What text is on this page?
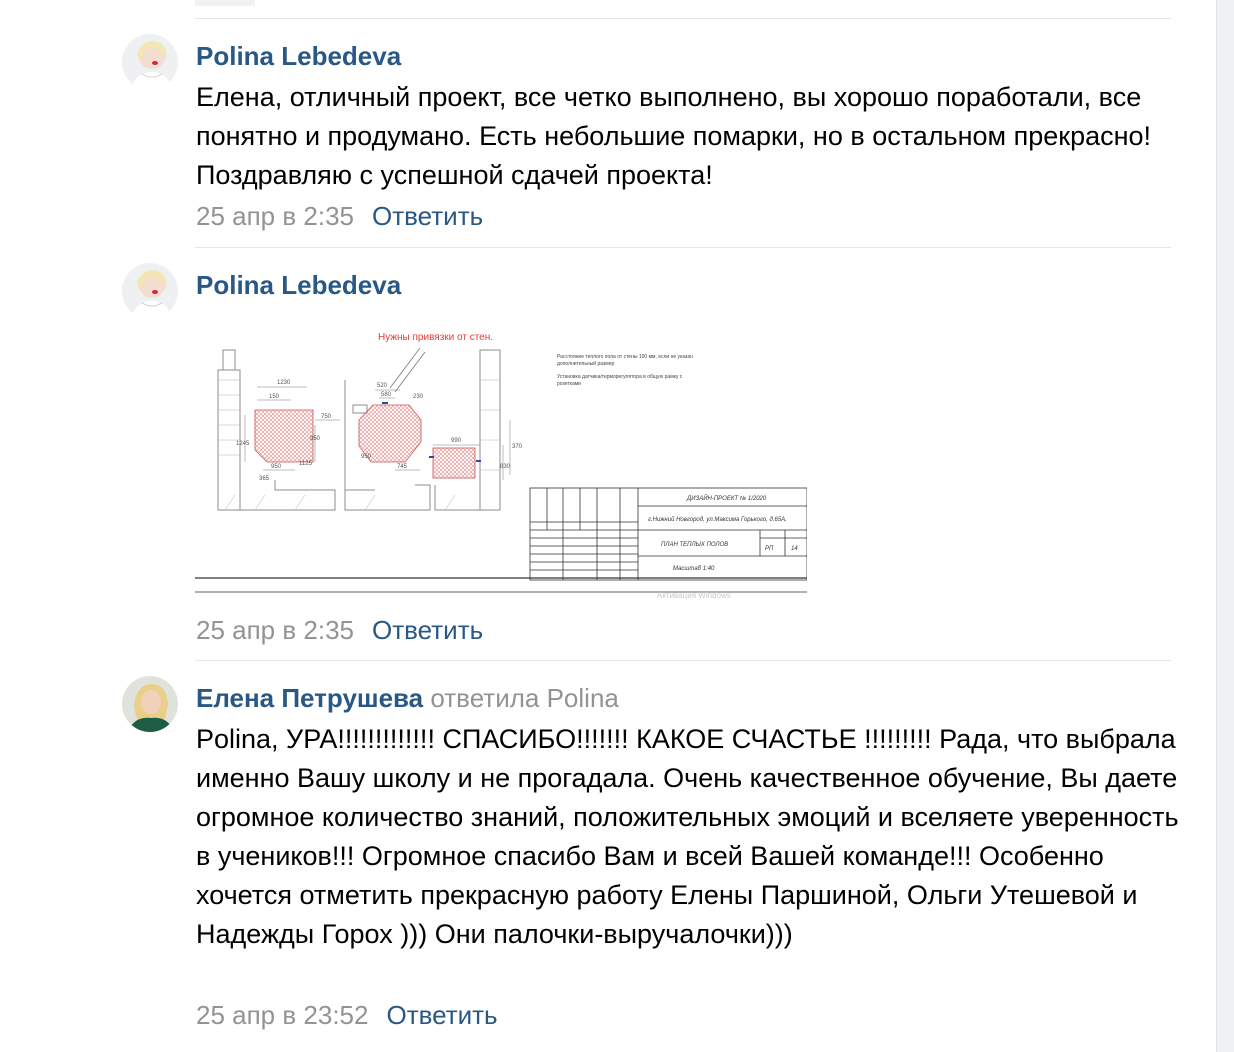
Polina Lebedeva
Елена, отличный проект, все четко выполнено, вы хорошо поработали, все понятно и продумано. Есть небольшие помарки, но в остальном прекрасно! Поздравляю с успешной сдачей проекта!
25 апр в 2:35 Ответить
Polina Lebedeva
Нужны привязки от стен.
Расстояние теплого пола от стены 100 мм, если не указан
дополнительный размер
Установка датчика/терморегулятора в общую рамку с
розетками
1230
150
750
520
580
990
370
1245
950
950	745
230
830
950
1125
365
ДИЗАЙН-ПРОЕКТ № 1/2020
г.Нижний Новгород, ул.Максима Горького, д.65А,
ПЛАН ТЕПЛЫХ ПОЛОВ
Масштаб 1:40
РП	14
Активация Windows
25 апр в 2:35 Ответить
Елена Петрушева ответила Polina
Polina, УРА!!!!!!!!!!!!! СПАСИБО!!!!!!! КАКОЕ СЧАСТЬЕ !!!!!!!!! Рада, что выбрала именно Вашу школу и не прогадала. Очень качественное обучение, Вы даете огромное количество знаний, положительных эмоций и вселяете уверенность в учеников!!! Огромное спасибо Вам и всей Вашей команде!!! Особенно хочется отметить прекрасную работу Елены Паршиной, Ольги Утешевой и Надежды Горох ))) Они палочки-выручалочки)))
25 апр в 23:52 Ответить
